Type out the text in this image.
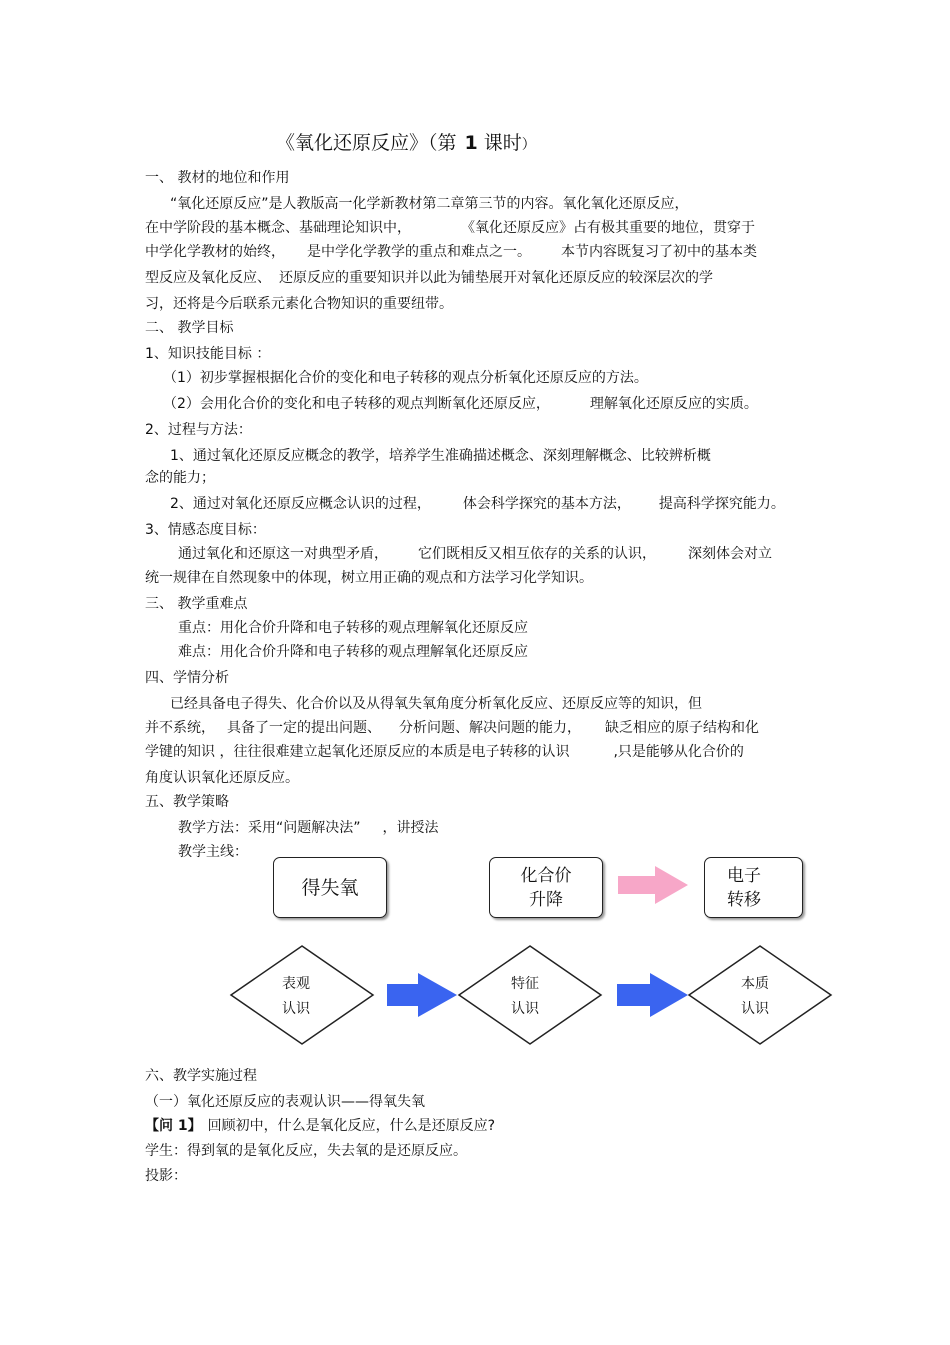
《氧化还原反应》（第 1 课时）
一、 教材的地位和作用
“氧化还原反应”是人教版高一化学新教材第二章第三节的内容。氧化氧化还原反应，
在中学阶段的基本概念、基础理论知识中，	《氧化还原反应》占有极其重要的地位，贯穿于
中学化学教材的始终， 是中学化学教学的重点和难点之一。 本节内容既复习了初中的基本类
型反应及氧化反应、 还原反应的重要知识并以此为铺垫展开对氧化还原反应的较深层次的学
习，还将是今后联系元素化合物知识的重要纽带。
二、 教学目标
1、知识技能目标 ：
（1）初步掌握根据化合价的变化和电子转移的观点分析氧化还原反应的方法。
（2）会用化合价的变化和电子转移的观点判断氧化还原反应，	理解氧化还原反应的实质。
2、过程与方法：
1、通过氧化还原反应概念的教学，培养学生准确描述概念、深刻理解概念、比较辨析概
念的能力；
2、通过对氧化还原反应概念认识的过程， 体会科学探究的基本方法， 提高科学探究能力。
3、情感态度目标：
通过氧化和还原这一对典型矛盾， 它们既相反又相互依存的关系的认识， 深刻体会对立
统一规律在自然现象中的体现，树立用正确的观点和方法学习化学知识。
三、 教学重难点
重点：用化合价升降和电子转移的观点理解氧化还原反应
难点：用化合价升降和电子转移的观点理解氧化还原反应
四、学情分析
已经具备电子得失、化合价以及从得氧失氧角度分析氧化反应、还原反应等的知识，但
并不系统， 具备了一定的提出问题、 分析问题、解决问题的能力， 缺乏相应的原子结构和化
学键的知识 ，往往很难建立起氧化还原反应的本质是电子转移的认识	,只是能够从化合价的
角度认识氧化还原反应。
五、教学策略
教学方法：采用“问题解决法” ，讲授法
教学主线：
得失氧
化合价
升降
电子
转移
表观
认识
特征
认识
本质
认识
六、教学实施过程
（一）氧化还原反应的表观认识——得氧失氧
【问 1】 回顾初中，什么是氧化反应，什么是还原反应?
学生：得到氧的是氧化反应，失去氧的是还原反应。
投影：
